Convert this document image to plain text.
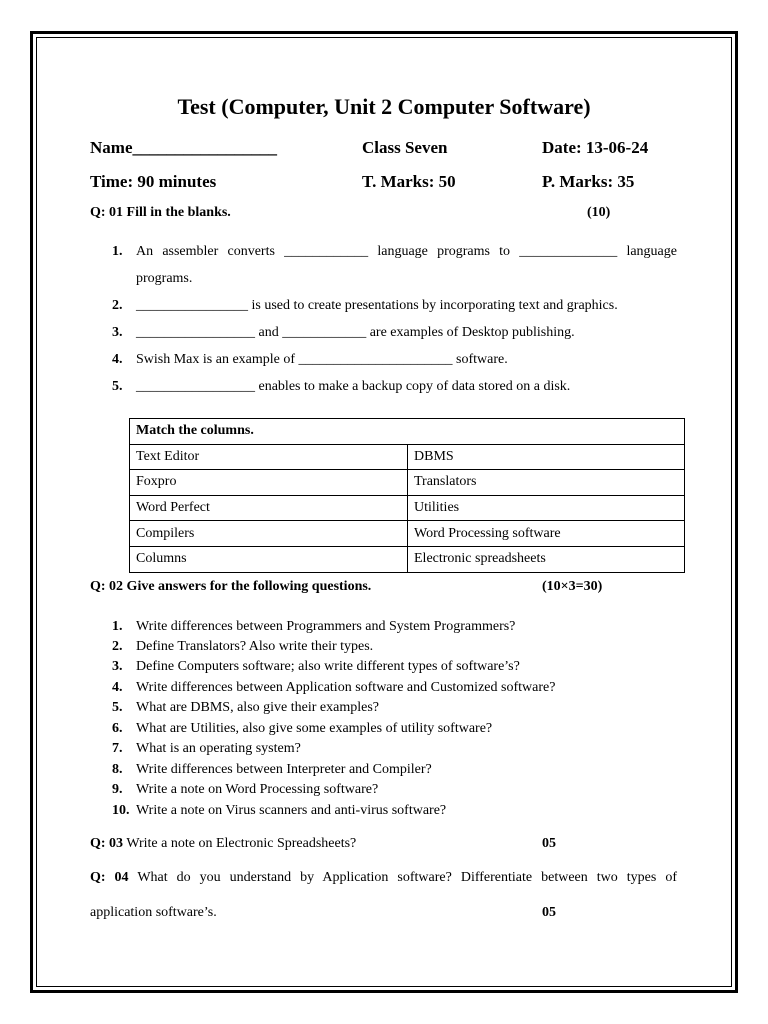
Test (Computer, Unit 2 Computer Software)
Name_________________	Class Seven	Date: 13-06-24
Time: 90 minutes	T. Marks: 50	P. Marks: 35
Q: 01 Fill in the blanks.	(10)
1. An assembler converts ____________ language programs to ______________ language
programs.
2. ________________ is used to create presentations by incorporating text and graphics.
3. _________________ and ____________ are examples of Desktop publishing.
4. Swish Max is an example of ______________________ software.
5. _________________ enables to make a backup copy of data stored on a disk.
Match the columns.	
Text Editor	DBMS
Foxpro	Translators
Word Perfect	Utilities
Compilers	Word Processing software
Columns	Electronic spreadsheets
Q: 02 Give answers for the following questions.	(10×3=30)
1. Write differences between Programmers and System Programmers?
2. Define Translators? Also write their types.
3. Define Computers software; also write different types of software’s?
4. Write differences between Application software and Customized software?
5. What are DBMS, also give their examples?
6. What are Utilities, also give some examples of utility software?
7. What is an operating system?
8. Write differences between Interpreter and Compiler?
9. Write a note on Word Processing software?
10. Write a note on Virus scanners and anti-virus software?
Q: 03 Write a note on Electronic Spreadsheets?	05
Q: 04 What do you understand by Application software? Differentiate between two types of
application software’s.	05
